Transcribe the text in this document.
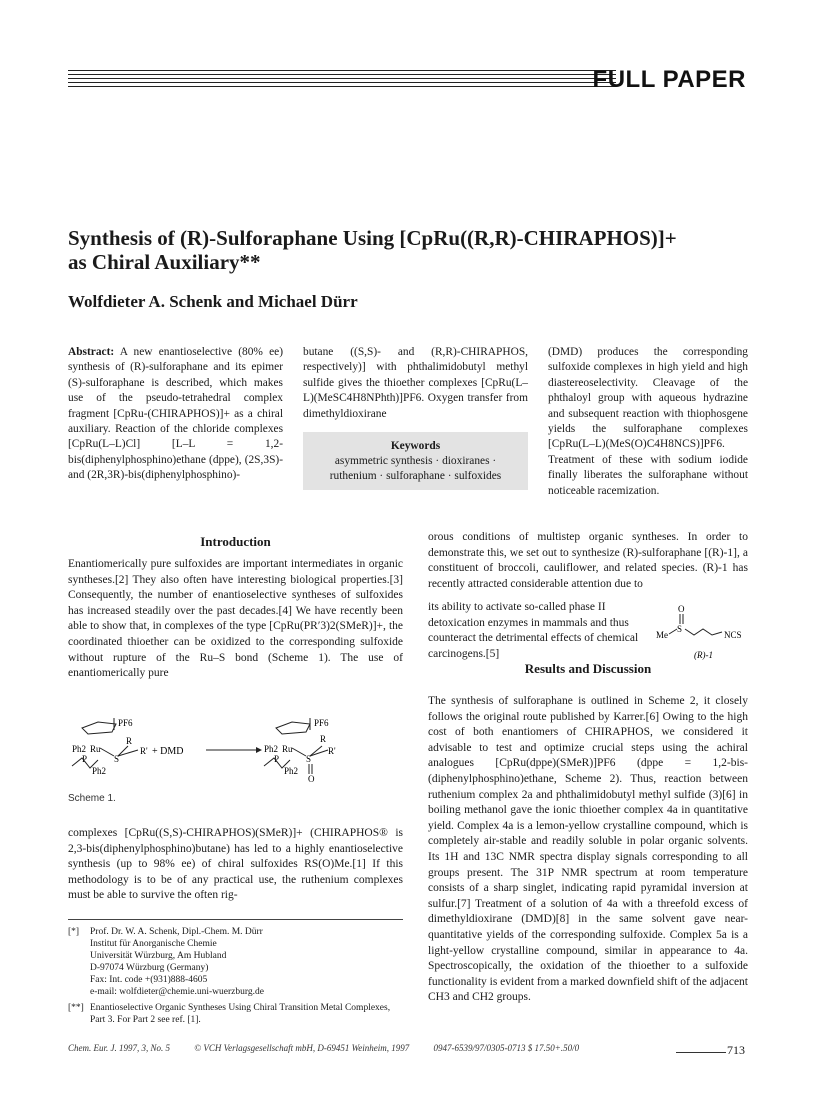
FULL PAPER
Synthesis of (R)-Sulforaphane Using [CpRu((R,R)-CHIRAPHOS)]+
as Chiral Auxiliary**
Wolfdieter A. Schenk and Michael Dürr

Abstract: A new enantioselective (80% ee) synthesis of (R)-sulforaphane and its epimer (S)-sulforaphane is described, which makes use of the pseudo-tetrahedral complex fragment [CpRu-(CHIRAPHOS)]+ as a chiral auxiliary. Reaction of the chloride complexes [CpRu(L–L)Cl] [L–L = 1,2-bis(diphenylphosphino)ethane (dppe), (2S,3S)- and (2R,3R)-bis(diphenylphosphino)-

butane ((S,S)- and (R,R)-CHIRAPHOS, respectively)] with phthalimidobutyl methyl sulfide gives the thioether complexes [CpRu(L–L)(MeSC4H8NPhth)]PF6. Oxygen transfer from dimethyldioxirane

Keywords
asymmetric synthesis · dioxiranes ·
ruthenium · sulforaphane · sulfoxides

(DMD) produces the corresponding sulfoxide complexes in high yield and high diastereoselectivity. Cleavage of the phthaloyl group with aqueous hydrazine and subsequent reaction with thiophosgene yields the sulforaphane complexes [CpRu(L–L)(MeS(O)C4H8NCS)]PF6. Treatment of these with sodium iodide finally liberates the sulforaphane without noticeable racemization.

Introduction
Enantiomerically pure sulfoxides are important intermediates in organic syntheses.[2] They also often have interesting biological properties.[3] Consequently, the number of enantioselective syntheses of sulfoxides has increased steadily over the past decades.[4] We have recently been able to show that, in complexes of the type [CpRu(PR′3)2(SMeR)]+, the coordinated thioether can be oxidized to the corresponding sulfoxide without rupture of the Ru–S bond (Scheme 1). The use of enantiomerically pure
PF6
Ph2 Ru
R
R'
S
P
Ph2
+ DMD
PF6
Ph2 Ru
R
R'
S
O
P
Ph2
Scheme 1.
complexes [CpRu((S,S)-CHIRAPHOS)(SMeR)]+ (CHIRAPHOS® is 2,3-bis(diphenylphosphino)butane) has led to a highly enantioselective synthesis (up to 98% ee) of chiral sulfoxides RS(O)Me.[1] If this methodology is to be of any practical use, the ruthenium complexes must be able to survive the often rig-
[*]	Prof. Dr. W. A. Schenk, Dipl.-Chem. M. Dürr
Institut für Anorganische Chemie
Universität Würzburg, Am Hubland
D-97074 Würzburg (Germany)
Fax: Int. code +(931)888-4605
e-mail: wolfdieter@chemie.uni-wuerzburg.de
[**] Enantioselective Organic Syntheses Using Chiral Transition Metal Complexes,
Part 3. For Part 2 see ref. [1].
orous conditions of multistep organic syntheses. In order to demonstrate this, we set out to synthesize (R)-sulforaphane [(R)-1], a constituent of broccoli, cauliflower, and related species. (R)-1 has recently attracted considerable attention due to
its ability to activate so-called phase II detoxication enzymes in mammals and thus counteract the detrimental effects of chemical carcinogens.[5]
Me
O
S
NCS
(R)-1
Results and Discussion
The synthesis of sulforaphane is outlined in Scheme 2, it closely follows the original route published by Karrer.[6] Owing to the high cost of both enantiomers of CHIRAPHOS, we considered it advisable to test and optimize crucial steps using the achiral analogues [CpRu(dppe)(SMeR)]PF6 (dppe = 1,2-bis-(diphenylphosphino)ethane, Scheme 2). Thus, reaction between ruthenium complex 2a and phthalimidobutyl methyl sulfide (3)[6] in boiling methanol gave the ionic thioether complex 4a in quantitative yield. Complex 4a is a lemon-yellow crystalline compound, which is completely air-stable and readily soluble in polar organic solvents. Its 1H and 13C NMR spectra display signals corresponding to all groups present. The 31P NMR spectrum at room temperature consists of a sharp singlet, indicating rapid pyramidal inversion at sulfur.[7] Treatment of a solution of 4a with a threefold excess of dimethyldioxirane (DMD)[8] in the same solvent gave near-quantitative yields of the corresponding sulfoxide. Complex 5a is a light-yellow crystalline compound, similar in appearance to 4a. Spectroscopically, the oxidation of the thioether to a sulfoxide functionality is evident from a marked downfield shift of the adjacent CH3 and CH2 groups.
Chem. Eur. J. 1997, 3, No. 5	© VCH Verlagsgesellschaft mbH, D-69451 Weinheim, 1997	0947-6539/97/0305-0713 $ 17.50+.50/0	713
